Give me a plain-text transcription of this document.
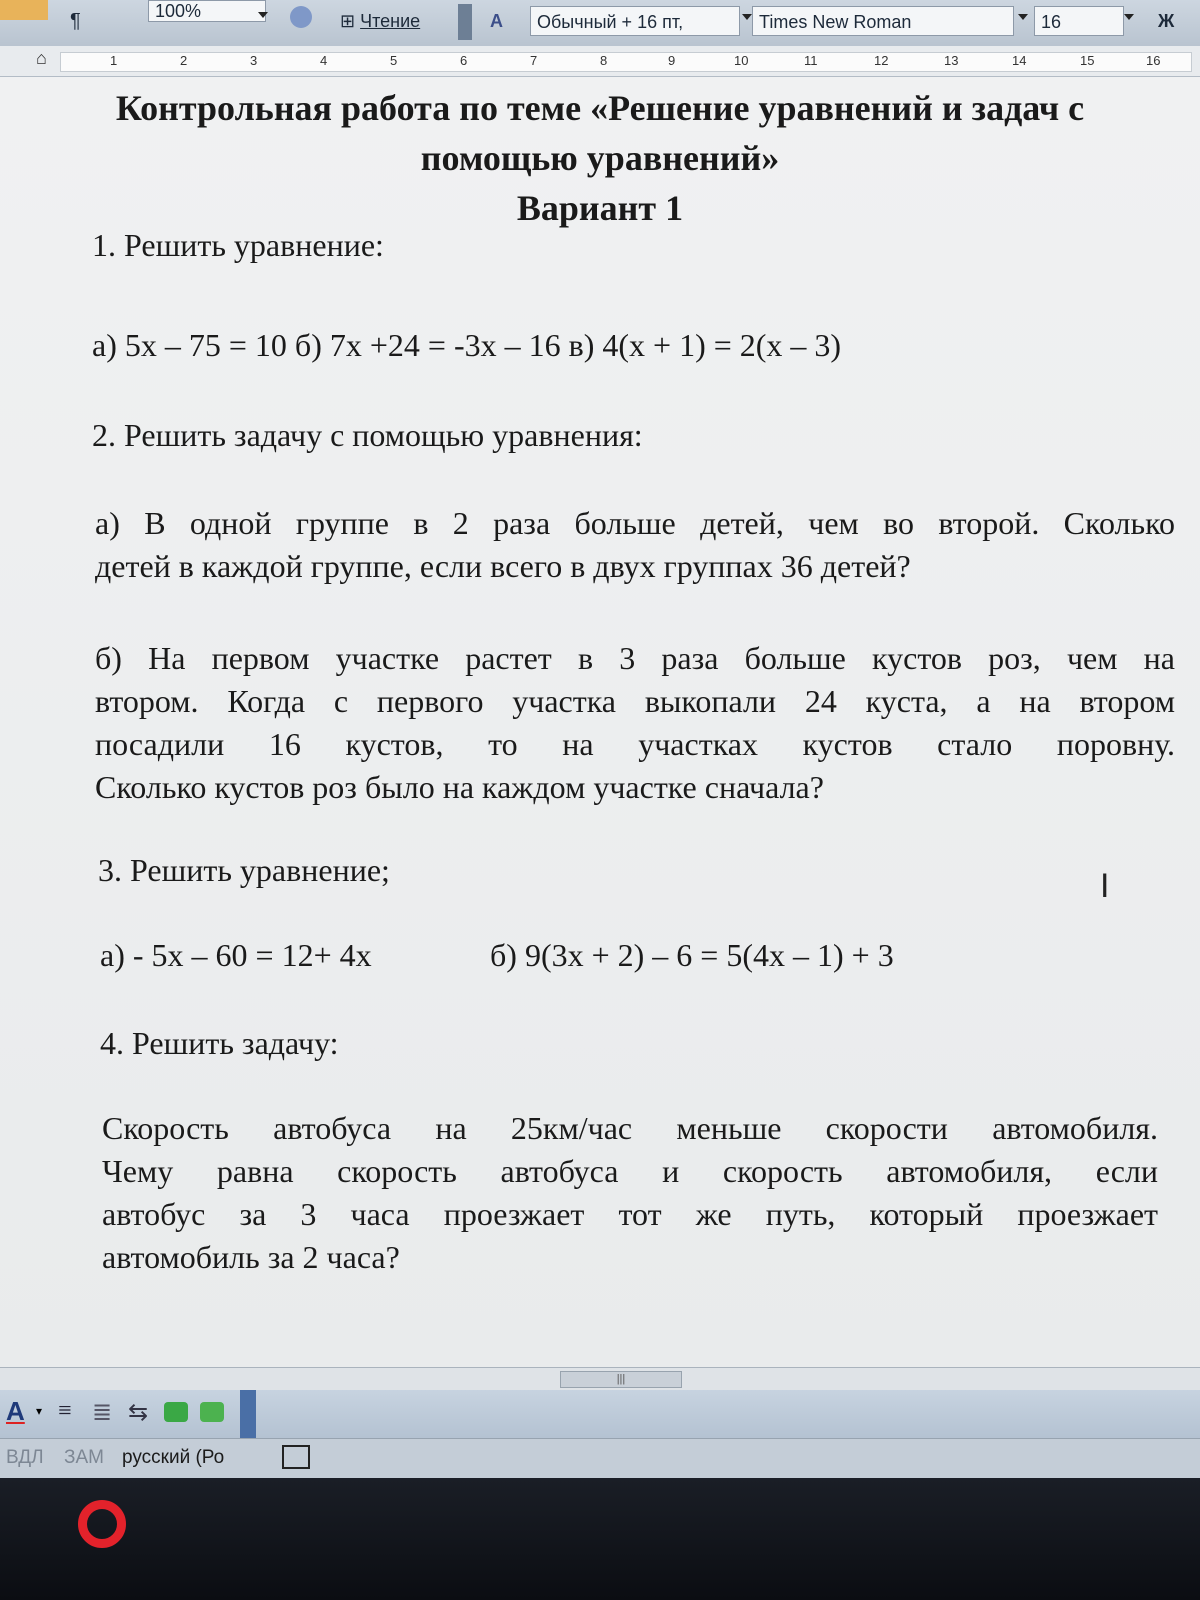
¶	100%	⊞ Чтение	A	Обычный + 16 пт,	Times New Roman	16	Ж
⌂	1	2	3	4	5	6	7	8	9	10	11	12	13	14	15	16
Контрольная работа по теме «Решение уравнений и задач с
помощью уравнений»
Вариант 1
1. Решить уравнение:
а) 5х – 75 = 10 б) 7х +24 = -3х – 16 в) 4(х + 1) = 2(х – 3)
2. Решить задачу с помощью уравнения:
а) В одной группе в 2 раза больше детей, чем во второй. Сколько
детей в каждой группе, если всего в двух группах 36 детей?
б) На первом участке растет в 3 раза больше кустов роз, чем на
втором. Когда с первого участка выкопали 24 куста, а на втором
посадили 16 кустов, то на участках кустов стало поровну.
Сколько кустов роз было на каждом участке сначала?
3. Решить уравнение;	I
а) - 5х – 60 = 12+ 4х	б) 9(3х + 2) – 6 = 5(4х – 1) + 3
4. Решить задачу:
Скорость автобуса на 25км/час меньше скорости автомобиля.
Чему равна скорость автобуса и скорость автомобиля, если
автобус за 3 часа проезжает тот же путь, который проезжает
автомобиль за 2 часа?
|||
A ▾ ≡ ≣ ⇆
ВДЛ ЗАМ русский (Ро
